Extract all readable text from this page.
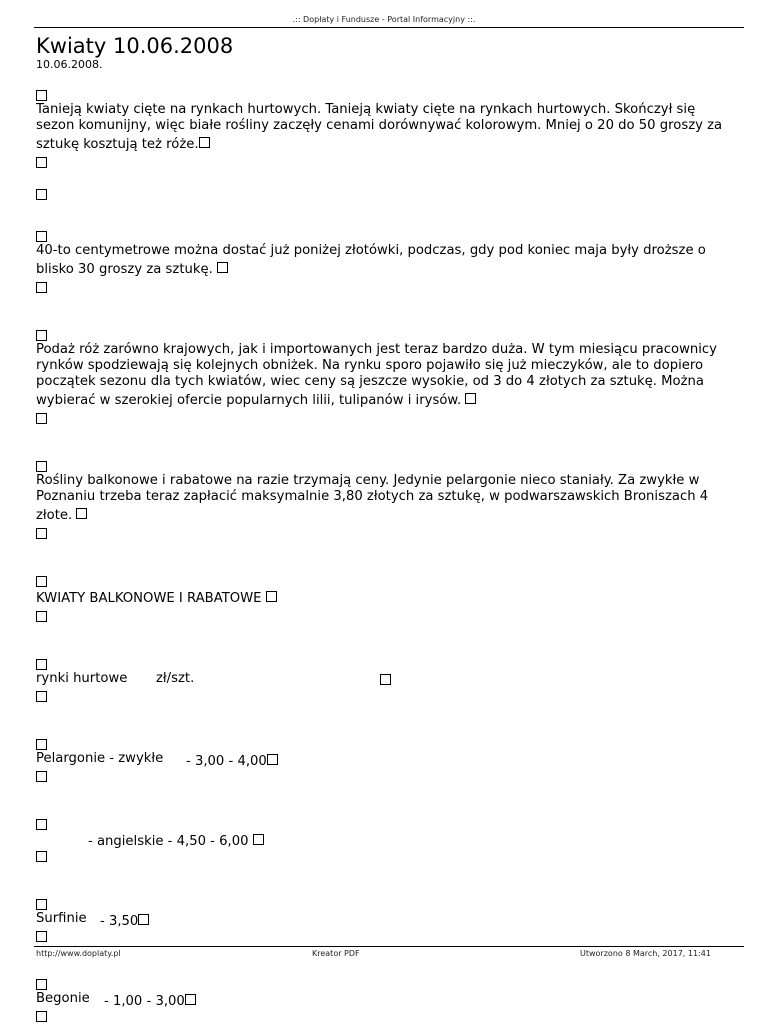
.:: Dopłaty i Fundusze - Portal Informacyjny ::.
Kwiaty 10.06.2008
10.06.2008.
Tanieją kwiaty cięte na rynkach hurtowych. Tanieją kwiaty cięte na rynkach hurtowych. Skończył się sezon komunijny, więc białe rośliny zaczęły cenami dorównywać kolorowym. Mniej o 20 do 50 groszy za sztukę kosztują też róże.
40-to centymetrowe można dostać już poniżej złotówki, podczas, gdy pod koniec maja były droższe o blisko 30 groszy za sztukę.
Podaż róż zarówno krajowych, jak i importowanych jest teraz bardzo duża. W tym miesiącu pracownicy rynków spodziewają się kolejnych obniżek. Na rynku sporo pojawiło się już mieczyków, ale to dopiero początek sezonu dla tych kwiatów, wiec ceny są jeszcze wysokie, od 3 do 4 złotych za sztukę. Można wybierać w szerokiej ofercie popularnych lilii, tulipanów i irysów.
Rośliny balkonowe i rabatowe na razie trzymają ceny. Jedynie pelargonie nieco staniały. Za zwykłe w Poznaniu trzeba teraz zapłacić maksymalnie 3,80 złotych za sztukę, w podwarszawskich Broniszach 4 złote.
KWIATY BALKONOWE I RABATOWE
rynki hurtowe zł/szt.
Pelargonie - zwykłe - 3,00 - 4,00
- angielskie - 4,50 - 6,00
Surfinie - 3,50
Begonie - 1,00 - 3,00
http://www.doplaty.pl	Kreator PDF	Utworzono 8 March, 2017, 11:41
